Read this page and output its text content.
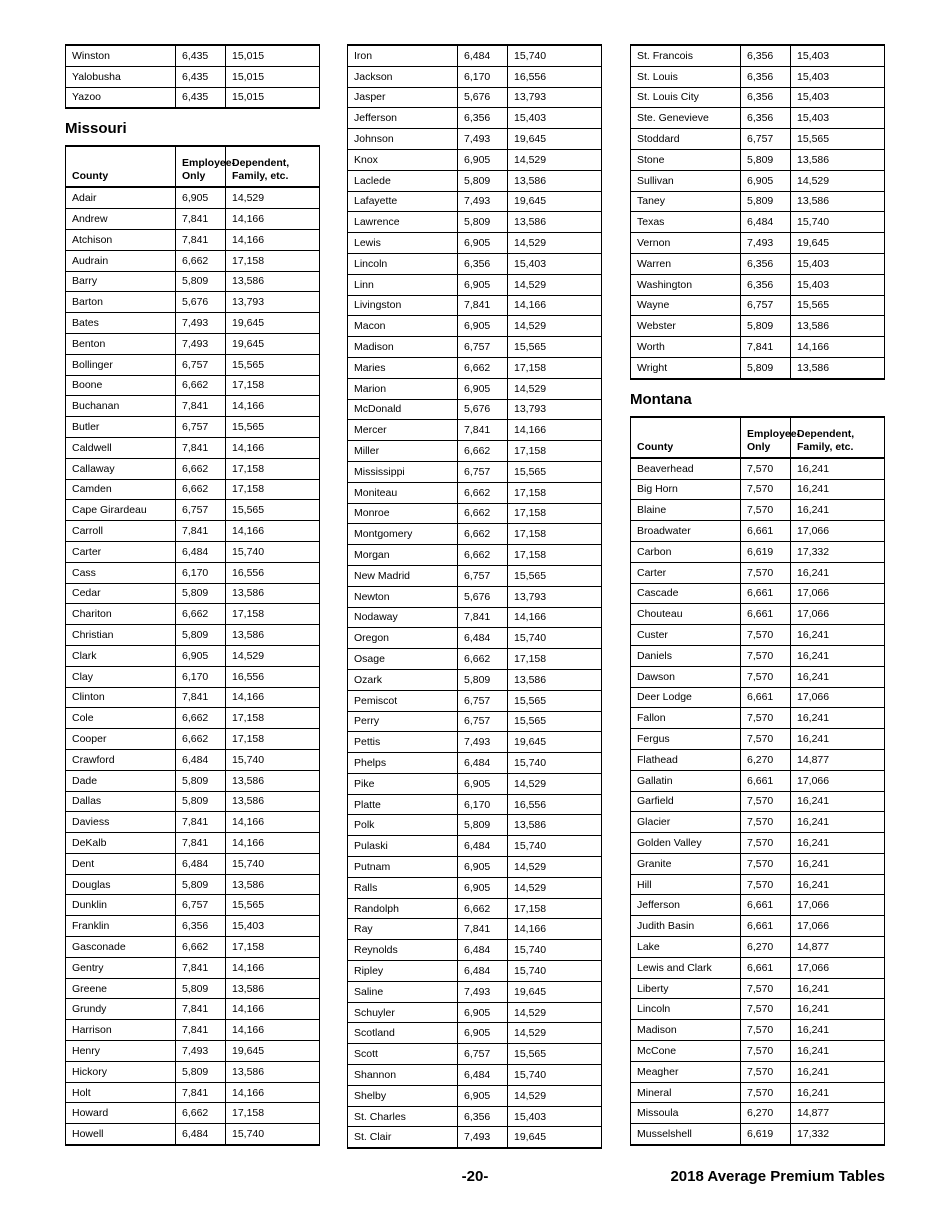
Winston	6,435	15,015
Yalobusha	6,435	15,015
Yazoo	6,435	15,015
Missouri
County	Employee-Only	Dependent, Family, etc.
Adair	6,905	14,529
Andrew	7,841	14,166
Atchison	7,841	14,166
Audrain	6,662	17,158
Barry	5,809	13,586
Barton	5,676	13,793
Bates	7,493	19,645
Benton	7,493	19,645
Bollinger	6,757	15,565
Boone	6,662	17,158
Buchanan	7,841	14,166
Butler	6,757	15,565
Caldwell	7,841	14,166
Callaway	6,662	17,158
Camden	6,662	17,158
Cape Girardeau	6,757	15,565
Carroll	7,841	14,166
Carter	6,484	15,740
Cass	6,170	16,556
Cedar	5,809	13,586
Chariton	6,662	17,158
Christian	5,809	13,586
Clark	6,905	14,529
Clay	6,170	16,556
Clinton	7,841	14,166
Cole	6,662	17,158
Cooper	6,662	17,158
Crawford	6,484	15,740
Dade	5,809	13,586
Dallas	5,809	13,586
Daviess	7,841	14,166
DeKalb	7,841	14,166
Dent	6,484	15,740
Douglas	5,809	13,586
Dunklin	6,757	15,565
Franklin	6,356	15,403
Gasconade	6,662	17,158
Gentry	7,841	14,166
Greene	5,809	13,586
Grundy	7,841	14,166
Harrison	7,841	14,166
Henry	7,493	19,645
Hickory	5,809	13,586
Holt	7,841	14,166
Howard	6,662	17,158
Howell	6,484	15,740
Iron	6,484	15,740
Jackson	6,170	16,556
Jasper	5,676	13,793
Jefferson	6,356	15,403
Johnson	7,493	19,645
Knox	6,905	14,529
Laclede	5,809	13,586
Lafayette	7,493	19,645
Lawrence	5,809	13,586
Lewis	6,905	14,529
Lincoln	6,356	15,403
Linn	6,905	14,529
Livingston	7,841	14,166
Macon	6,905	14,529
Madison	6,757	15,565
Maries	6,662	17,158
Marion	6,905	14,529
McDonald	5,676	13,793
Mercer	7,841	14,166
Miller	6,662	17,158
Mississippi	6,757	15,565
Moniteau	6,662	17,158
Monroe	6,662	17,158
Montgomery	6,662	17,158
Morgan	6,662	17,158
New Madrid	6,757	15,565
Newton	5,676	13,793
Nodaway	7,841	14,166
Oregon	6,484	15,740
Osage	6,662	17,158
Ozark	5,809	13,586
Pemiscot	6,757	15,565
Perry	6,757	15,565
Pettis	7,493	19,645
Phelps	6,484	15,740
Pike	6,905	14,529
Platte	6,170	16,556
Polk	5,809	13,586
Pulaski	6,484	15,740
Putnam	6,905	14,529
Ralls	6,905	14,529
Randolph	6,662	17,158
Ray	7,841	14,166
Reynolds	6,484	15,740
Ripley	6,484	15,740
Saline	7,493	19,645
Schuyler	6,905	14,529
Scotland	6,905	14,529
Scott	6,757	15,565
Shannon	6,484	15,740
Shelby	6,905	14,529
St. Charles	6,356	15,403
St. Clair	7,493	19,645
St. Francois	6,356	15,403
St. Louis	6,356	15,403
St. Louis City	6,356	15,403
Ste. Genevieve	6,356	15,403
Stoddard	6,757	15,565
Stone	5,809	13,586
Sullivan	6,905	14,529
Taney	5,809	13,586
Texas	6,484	15,740
Vernon	7,493	19,645
Warren	6,356	15,403
Washington	6,356	15,403
Wayne	6,757	15,565
Webster	5,809	13,586
Worth	7,841	14,166
Wright	5,809	13,586
Montana
County	Employee-Only	Dependent, Family, etc.
Beaverhead	7,570	16,241
Big Horn	7,570	16,241
Blaine	7,570	16,241
Broadwater	6,661	17,066
Carbon	6,619	17,332
Carter	7,570	16,241
Cascade	6,661	17,066
Chouteau	6,661	17,066
Custer	7,570	16,241
Daniels	7,570	16,241
Dawson	7,570	16,241
Deer Lodge	6,661	17,066
Fallon	7,570	16,241
Fergus	7,570	16,241
Flathead	6,270	14,877
Gallatin	6,661	17,066
Garfield	7,570	16,241
Glacier	7,570	16,241
Golden Valley	7,570	16,241
Granite	7,570	16,241
Hill	7,570	16,241
Jefferson	6,661	17,066
Judith Basin	6,661	17,066
Lake	6,270	14,877
Lewis and Clark	6,661	17,066
Liberty	7,570	16,241
Lincoln	7,570	16,241
Madison	7,570	16,241
McCone	7,570	16,241
Meagher	7,570	16,241
Mineral	7,570	16,241
Missoula	6,270	14,877
Musselshell	6,619	17,332
-20-	2018 Average Premium Tables
